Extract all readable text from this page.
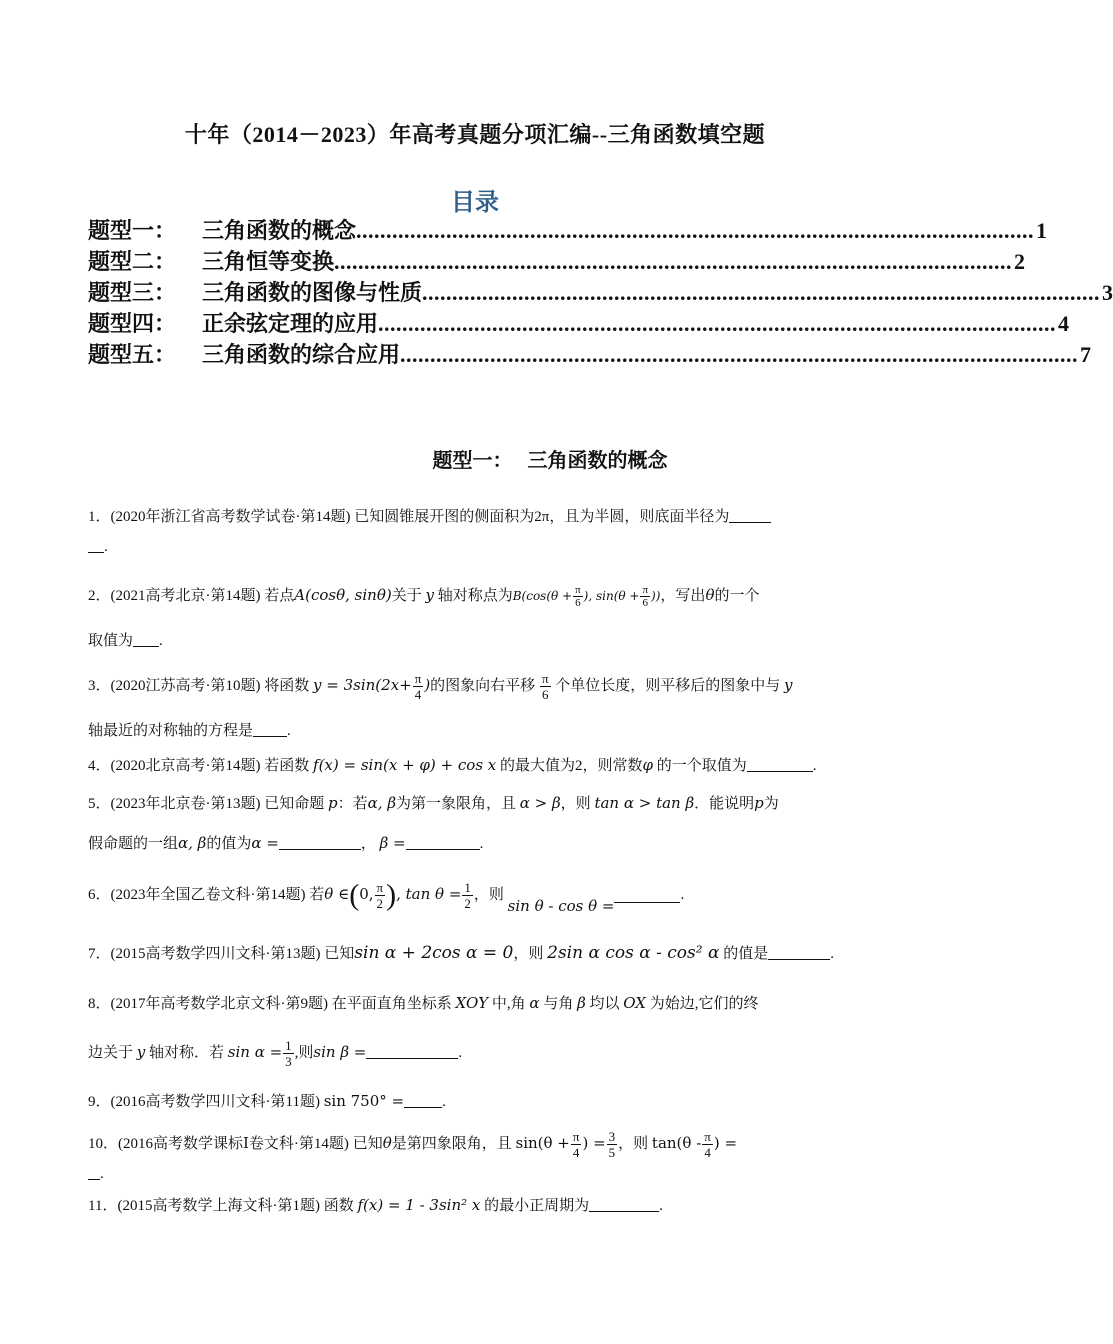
十年（2014－2023）年高考真题分项汇编--三角函数填空题
目录
题型一：	三角函数的概念 ................................................................................................................. 1
题型二：	三角恒等变换 ................................................................................................................. 2
题型三：	三角函数的图像与性质 ................................................................................................................. 3
题型四：	正余弦定理的应用 ................................................................................................................. 4
题型五：	三角函数的综合应用 ................................................................................................................. 7
题型一： 三角函数的概念
1．(2020年浙江省高考数学试卷·第14题) 已知圆锥展开图的侧面积为2π，且为半圆，则底面半径为
.
2．(2021高考北京·第14题) 若点A(cosθ, sinθ)关于 y 轴对称点为$B(\cos(\theta + \frac{\pi}{6}$ ), $\sin(\theta + \frac{\pi}{6}$ ))，写出θ的一个
取值为 .
3．(2020江苏高考·第10题) 将函数 $y = 3\sin(2x+ \frac{\pi}{4}$ )的图象向右平移 $\frac{\pi}{6}$ 个单位长度，则平移后的图象中与 y
轴最近的对称轴的方程是 .
4．(2020北京高考·第14题) 若函数 f(x) = sin(x + φ) + cos x 的最大值为2，则常数φ 的一个取值为	.
5．(2023年北京卷·第13题) 已知命题 p：若α, β为第一象限角，且 α > β，则 tan α > tan β．能说明p为
假命题的一组α, β的值为α =	， β =	.
6．(2023年全国乙卷文科·第14题) 若θ ∈(0, $\frac{\pi}{2}$ ), $\tan \theta = \frac{1}{2}$ ，则 sin θ - cos θ =.
7．(2015高考数学四川文科·第13题) 已知sin α + 2cos α = 0，则 2sin α cos α - cos² α 的值是	.
8．(2017年高考数学北京文科·第9题) 在平面直角坐标系 XOY 中,角 α 与角 β 均以 OX 为始边,它们的终
边关于 y 轴对称．若 $\sin \alpha = \frac{1}{3}$ ,则sin β =	.
9．(2016高考数学四川文科·第11题) sin 750° =	.
10．(2016高考数学课标Ⅰ卷文科·第14题) 已知θ是第四象限角，且 $\sin(\theta + \frac{\pi}{4}$ ) = $\frac{3}{5}$ ，则 $\tan(\theta - \frac{\pi}{4}$ ) =
.
11．(2015高考数学上海文科·第1题) 函数 f(x) = 1 - 3sin² x 的最小正周期为	.
